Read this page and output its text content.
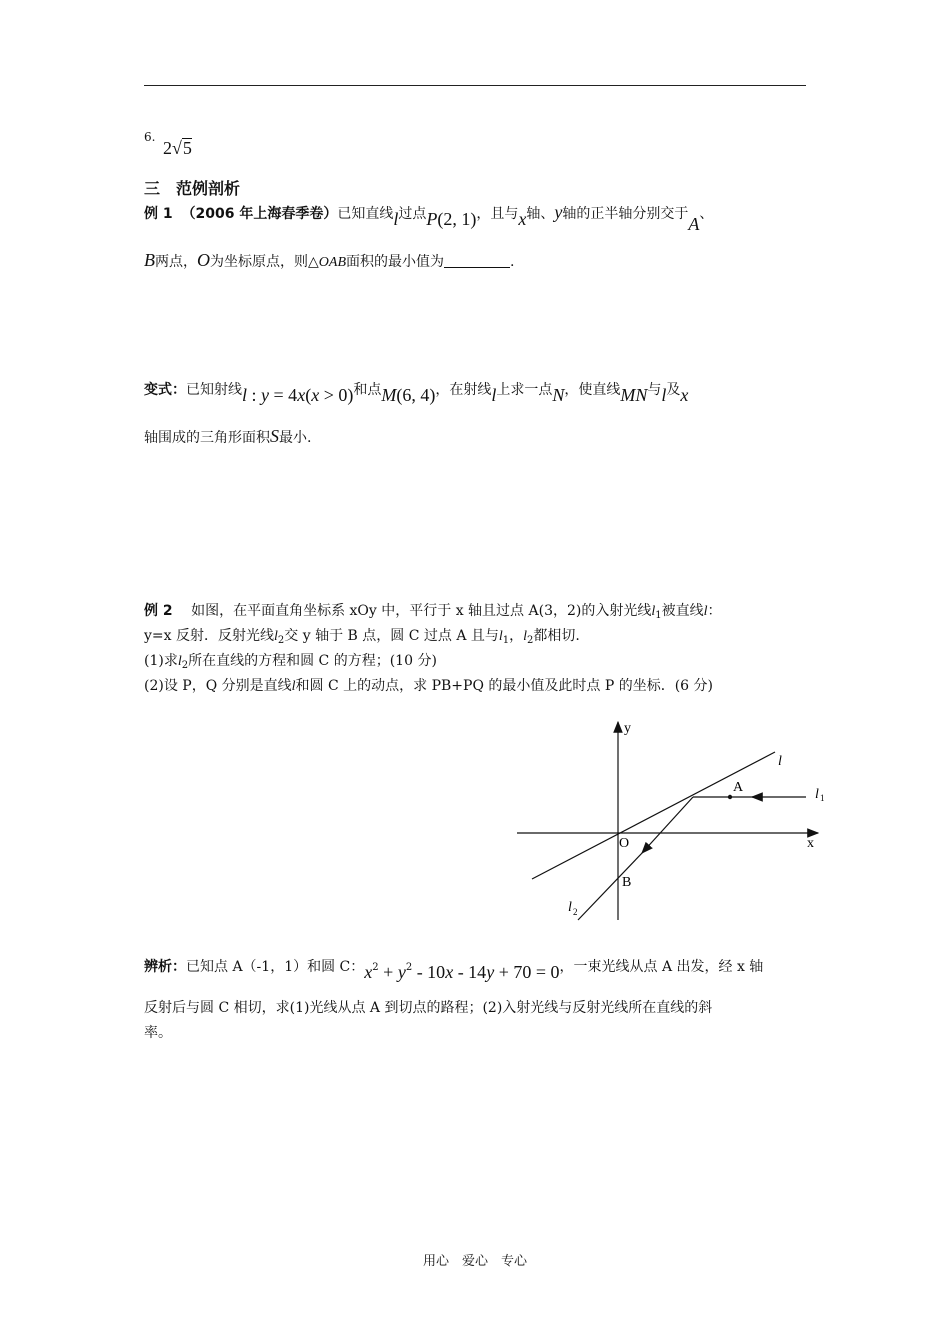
6.
2√5
三　范例剖析
例 1 （2006 年上海春季卷）已知直线l过点P(2, 1)，且与x轴、y轴的正半轴分别交于A、
B两点，O为坐标原点，则△OAB面积的最小值为	.
变式：已知射线l : y = 4x(x > 0)和点M(6, 4)，在射线l上求一点N，使直线MN与l及x
轴围成的三角形面积S最小.
例 2　 如图，在平面直角坐标系 xOy 中，平行于 x 轴且过点 A(3，2)的入射光线$l_1$被直线l：
y=x 反射．反射光线$l_2$交 y 轴于 B 点，圆 C 过点 A 且与$l_1$，$l_2$都相切.
(1)求$l_2$所在直线的方程和圆 C 的方程；(10 分)
(2)设 P，Q 分别是直线l和圆 C 上的动点，求 PB+PQ 的最小值及此时点 P 的坐标．(6 分)
y
x
O
A
B
l
l 1
l 2
辨析：已知点 A（-1，1）和圆 C：$x^2 + y^2 - 10x - 14y + 70 = 0$，一束光线从点 A 出发，经 x 轴
反射后与圆 C 相切，求(1)光线从点 A 到切点的路程；(2)入射光线与反射光线所在直线的斜
率。
用心　爱心　专心
